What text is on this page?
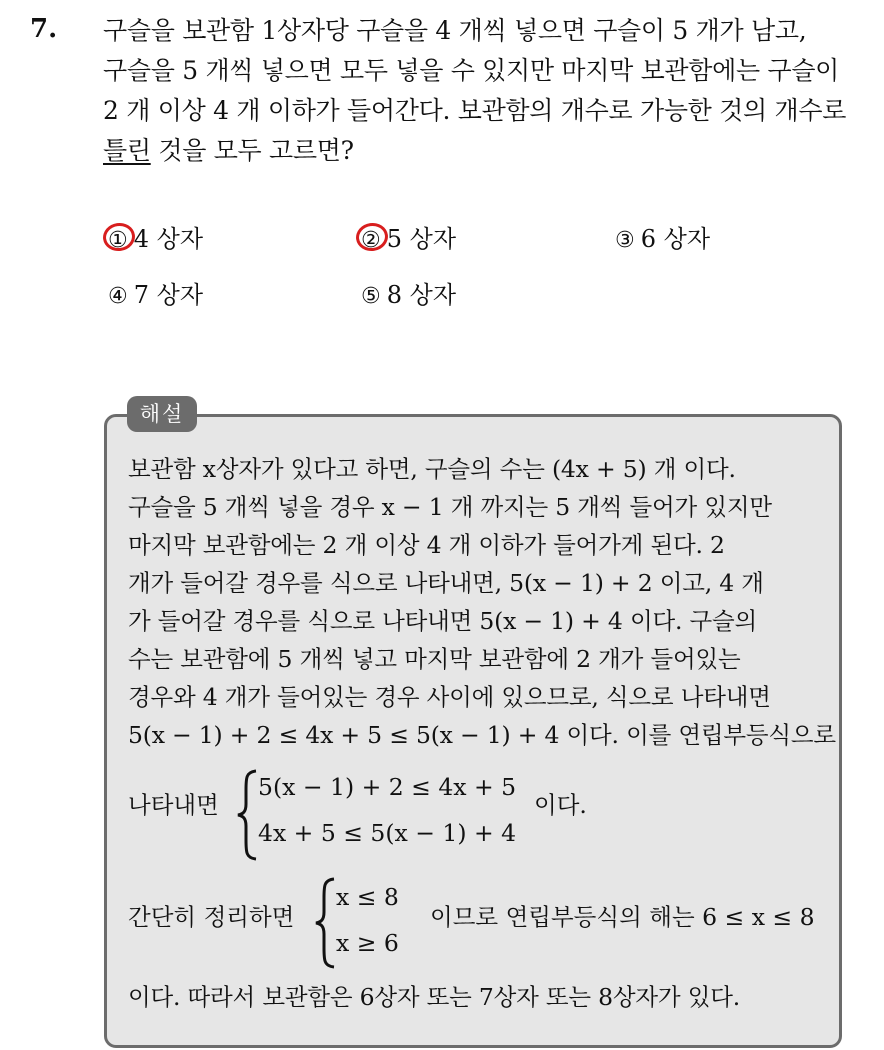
7. 구슬을 보관함 1상자당 구슬을 4 개씩 넣으면 구슬이 5 개가 남고,
구슬을 5 개씩 넣으면 모두 넣을 수 있지만 마지막 보관함에는 구슬이
2 개 이상 4 개 이하가 들어간다. 보관함의 개수로 가능한 것의 개수로
틀린 것을 모두 고르면?
① 4 상자	② 5 상자	③ 6 상자
④ 7 상자	⑤ 8 상자
해설
보관함 x상자가 있다고 하면, 구슬의 수는 (4x + 5) 개 이다.
구슬을 5 개씩 넣을 경우 x − 1 개 까지는 5 개씩 들어가 있지만
마지막 보관함에는 2 개 이상 4 개 이하가 들어가게 된다. 2
개가 들어갈 경우를 식으로 나타내면, 5(x − 1) + 2 이고, 4 개
가 들어갈 경우를 식으로 나타내면 5(x − 1) + 4 이다. 구슬의
수는 보관함에 5 개씩 넣고 마지막 보관함에 2 개가 들어있는
경우와 4 개가 들어있는 경우 사이에 있으므로, 식으로 나타내면
5(x − 1) + 2 ≤ 4x + 5 ≤ 5(x − 1) + 4 이다. 이를 연립부등식으로
나타내면
5(x − 1) + 2 ≤ 4x + 5
4x + 5 ≤ 5(x − 1) + 4
이다.
간단히 정리하면
x ≤ 8
x ≥ 6
이므로 연립부등식의 해는 6 ≤ x ≤ 8
이다. 따라서 보관함은 6상자 또는 7상자 또는 8상자가 있다.
